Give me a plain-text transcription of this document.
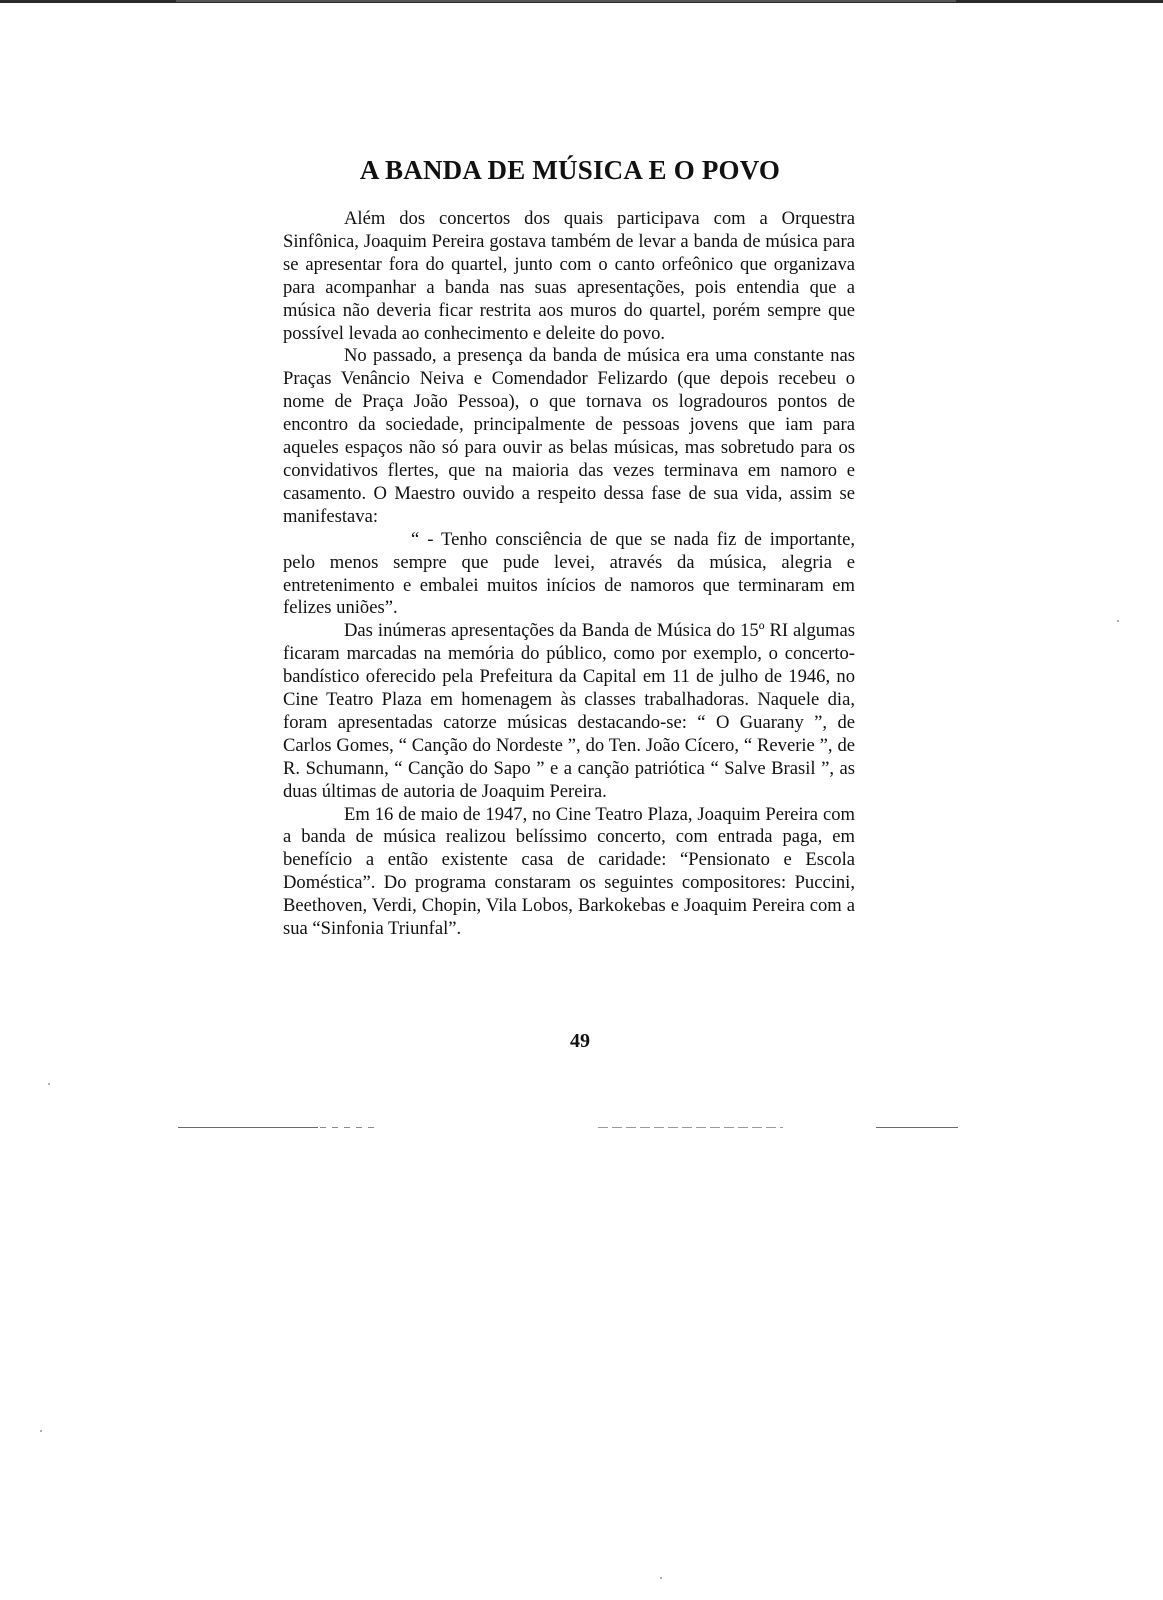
A BANDA DE MÚSICA E O POVO

Além dos concertos dos quais participava com a Orquestra Sinfônica, Joaquim Pereira gostava também de levar a banda de música para se apresentar fora do quartel, junto com o canto orfeônico que organizava para acompanhar a banda nas suas apresentações, pois entendia que a música não deveria ficar restrita aos muros do quartel, porém sempre que possível levada ao conhecimento e deleite do povo.

No passado, a presença da banda de música era uma constante nas Praças Venâncio Neiva e Comendador Felizardo (que depois recebeu o nome de Praça João Pessoa), o que tornava os logradouros pontos de encontro da sociedade, principalmente de pessoas jovens que iam para aqueles espaços não só para ouvir as belas músicas, mas sobretudo para os convidativos flertes, que na maioria das vezes terminava em namoro e casamento. O Maestro ouvido a respeito dessa fase de sua vida, assim se manifestava:

“ - Tenho consciência de que se nada fiz de importante, pelo menos sempre que pude levei, através da música, alegria e entretenimento e embalei muitos inícios de namoros que terminaram em felizes uniões”.

Das inúmeras apresentações da Banda de Música do 15º RI algumas ficaram marcadas na memória do público, como por exemplo, o concerto-bandístico oferecido pela Prefeitura da Capital em 11 de julho de 1946, no Cine Teatro Plaza em homenagem às classes trabalhadoras. Naquele dia, foram apresentadas catorze músicas destacando-se: “ O Guarany ”, de Carlos Gomes, “ Canção do Nordeste ”, do Ten. João Cícero, “ Reverie ”, de R. Schumann, “ Canção do Sapo ” e a canção patriótica “ Salve Brasil ”, as duas últimas de autoria de Joaquim Pereira.

Em 16 de maio de 1947, no Cine Teatro Plaza, Joaquim Pereira com a banda de música realizou belíssimo concerto, com entrada paga, em benefício a então existente casa de caridade: “Pensionato e Escola Doméstica”. Do programa constaram os seguintes compositores: Puccini, Beethoven, Verdi, Chopin, Vila Lobos, Barkokebas e Joaquim Pereira com a sua “Sinfonia Triunfal”.

49
